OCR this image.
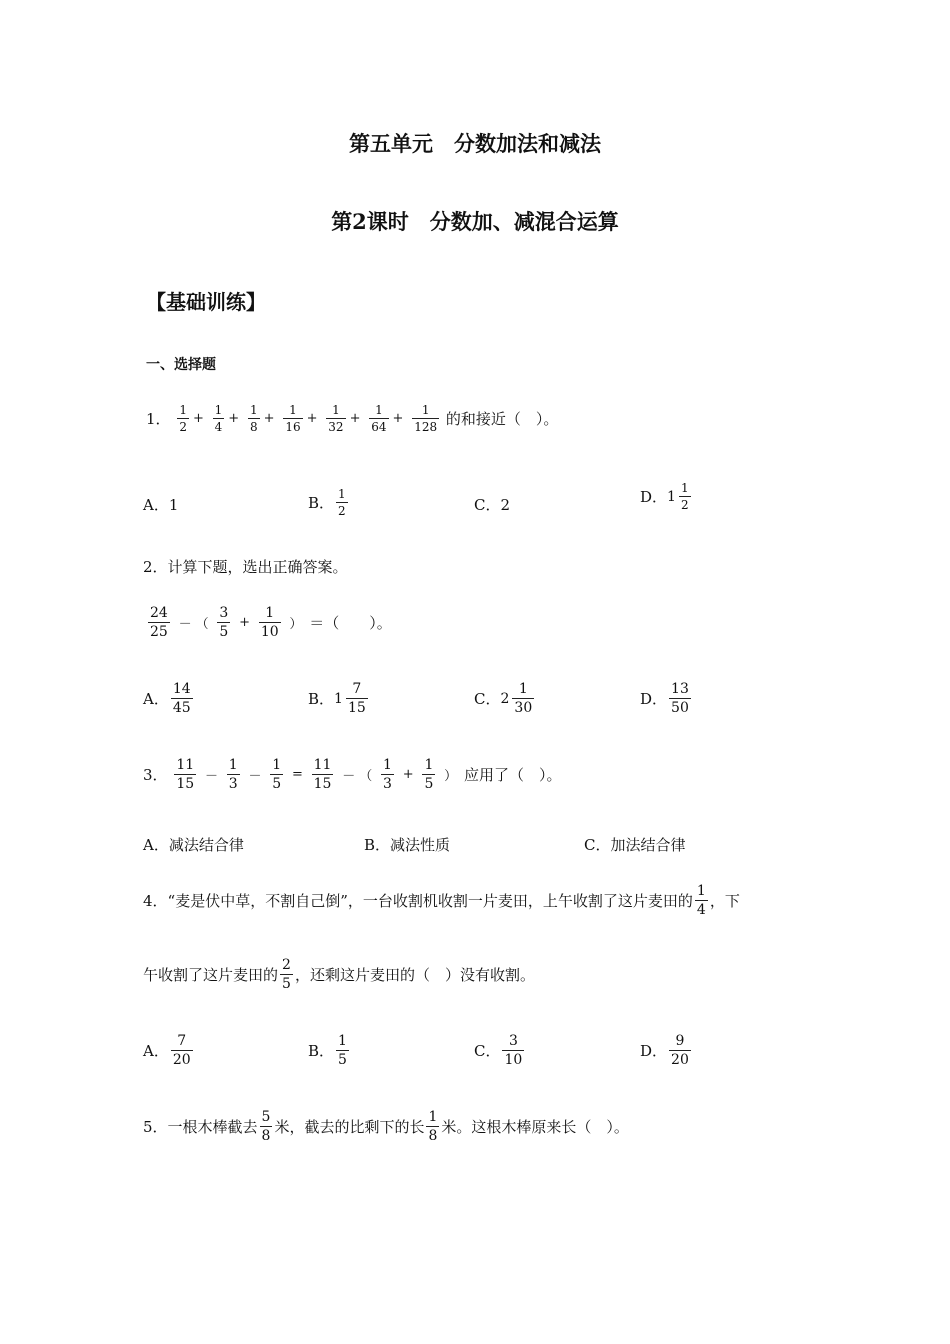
第五单元　分数加法和减法
第2课时　分数加、减混合运算
【基础训练】
一、选择题
1． $\frac{1}{2} + \frac{1}{4} + \frac{1}{8} + \frac{1}{16} + \frac{1}{32} + \frac{1}{64} + \frac{1}{128}$ 的和接近（　）。
A．1	B． $\frac{1}{2}$	C．2	D． $1 \frac{1}{2}$
2．计算下题，选出正确答案。
$\frac{24}{25}$ － （ $\frac{3}{5} + \frac{1}{10}$ ） ＝（　　）。
A． $\frac{14}{45}$	B． $1 \frac{7}{15}$	C． $2 \frac{1}{30}$	D． $\frac{13}{50}$
3． $\frac{11}{15} - \frac{1}{3} - \frac{1}{5} = \frac{11}{15}$ － （ $\frac{1}{3} + \frac{1}{5}$ ） 应用了（　）。
A．减法结合律	B．减法性质	C．加法结合律
4．“麦是伏中草，不割自己倒”，一台收割机收割一片麦田，上午收割了这片麦田的 $\frac{1}{4}$ ，下
午收割了这片麦田的 $\frac{2}{5}$ ，还剩这片麦田的（　）没有收割。
A． $\frac{7}{20}$	B． $\frac{1}{5}$	C． $\frac{3}{10}$	D． $\frac{9}{20}$
5．一根木棒截去 $\frac{5}{8}$ 米，截去的比剩下的长 $\frac{1}{8}$ 米。这根木棒原来长（　）。
